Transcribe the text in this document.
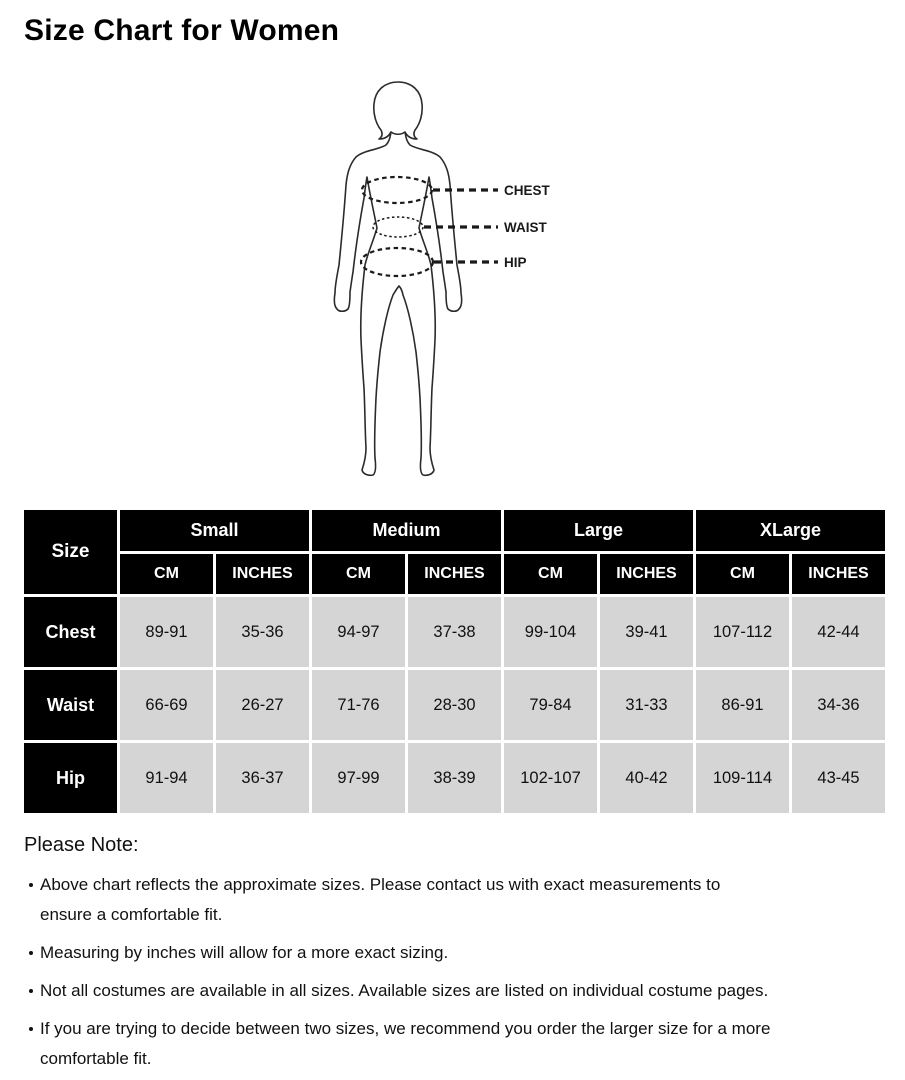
Size Chart for Women
CHEST
WAIST
HIP
Size	Small		Medium		Large		XLarge	
	CM	INCHES	CM	INCHES	CM	INCHES	CM	INCHES
Chest	89-91	35-36	94-97	37-38	99-104	39-41	107-112	42-44
Waist	66-69	26-27	71-76	28-30	79-84	31-33	86-91	34-36
Hip	91-94	36-37	97-99	38-39	102-107	40-42	109-114	43-45
Please Note:
Above chart reflects the approximate sizes. Please contact us with exact measurements to
ensure a comfortable fit.
Measuring by inches will allow for a more exact sizing.
Not all costumes are available in all sizes. Available sizes are listed on individual costume pages.
If you are trying to decide between two sizes, we recommend you order the larger size for a more
comfortable fit.
